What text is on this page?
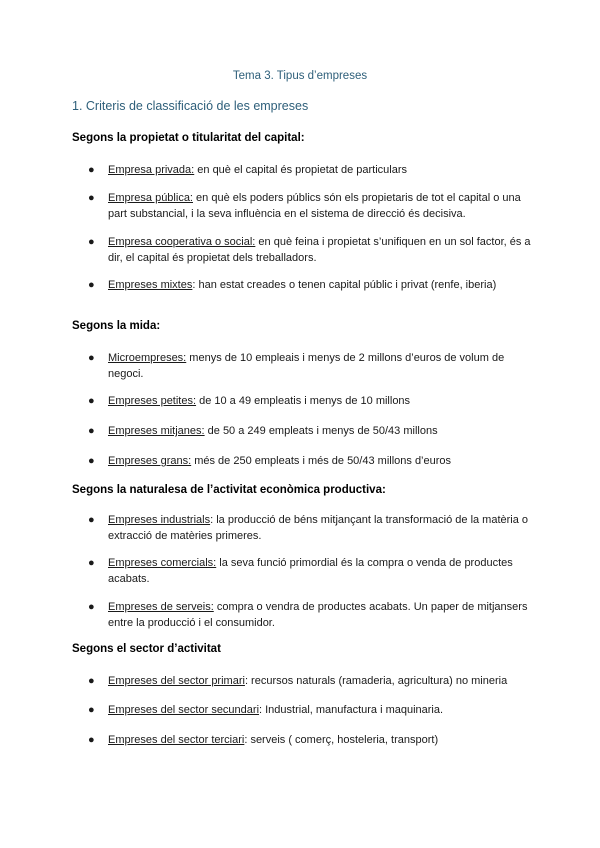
Tema 3. Tipus d’empreses
1. Criteris de classificació de les empreses
Segons la propietat o titularitat del capital:
● Empresa privada: en què el capital és propietat de particulars
● Empresa pública: en què els poders públics són els propietaris de tot el capital o una part substancial, i la seva influència en el sistema de direcció és decisiva.
● Empresa cooperativa o social: en què feina i propietat s’unifiquen en un sol factor, és a dir, el capital és propietat dels treballadors.
● Empreses mixtes: han estat creades o tenen capital públic i privat (renfe, iberia)
Segons la mida:
● Microempreses: menys de 10 empleais i menys de 2 millons d’euros de volum de negoci.
● Empreses petites: de 10 a 49 empleatis i menys de 10 millons
● Empreses mitjanes: de 50 a 249 empleats i menys de 50/43 millons
● Empreses grans: més de 250 empleats i més de 50/43 millons d’euros
Segons la naturalesa de l’activitat econòmica productiva:
● Empreses industrials: la producció de béns mitjançant la transformació de la matèria o extracció de matèries primeres.
● Empreses comercials: la seva funció primordial és la compra o venda de productes acabats.
● Empreses de serveis: compra o vendra de productes acabats. Un paper de mitjansers entre la producció i el consumidor.
Segons el sector d’activitat
● Empreses del sector primari: recursos naturals (ramaderia, agricultura) no mineria
● Empreses del sector secundari: Industrial, manufactura i maquinaria.
● Empreses del sector terciari: serveis ( comerç, hosteleria, transport)
